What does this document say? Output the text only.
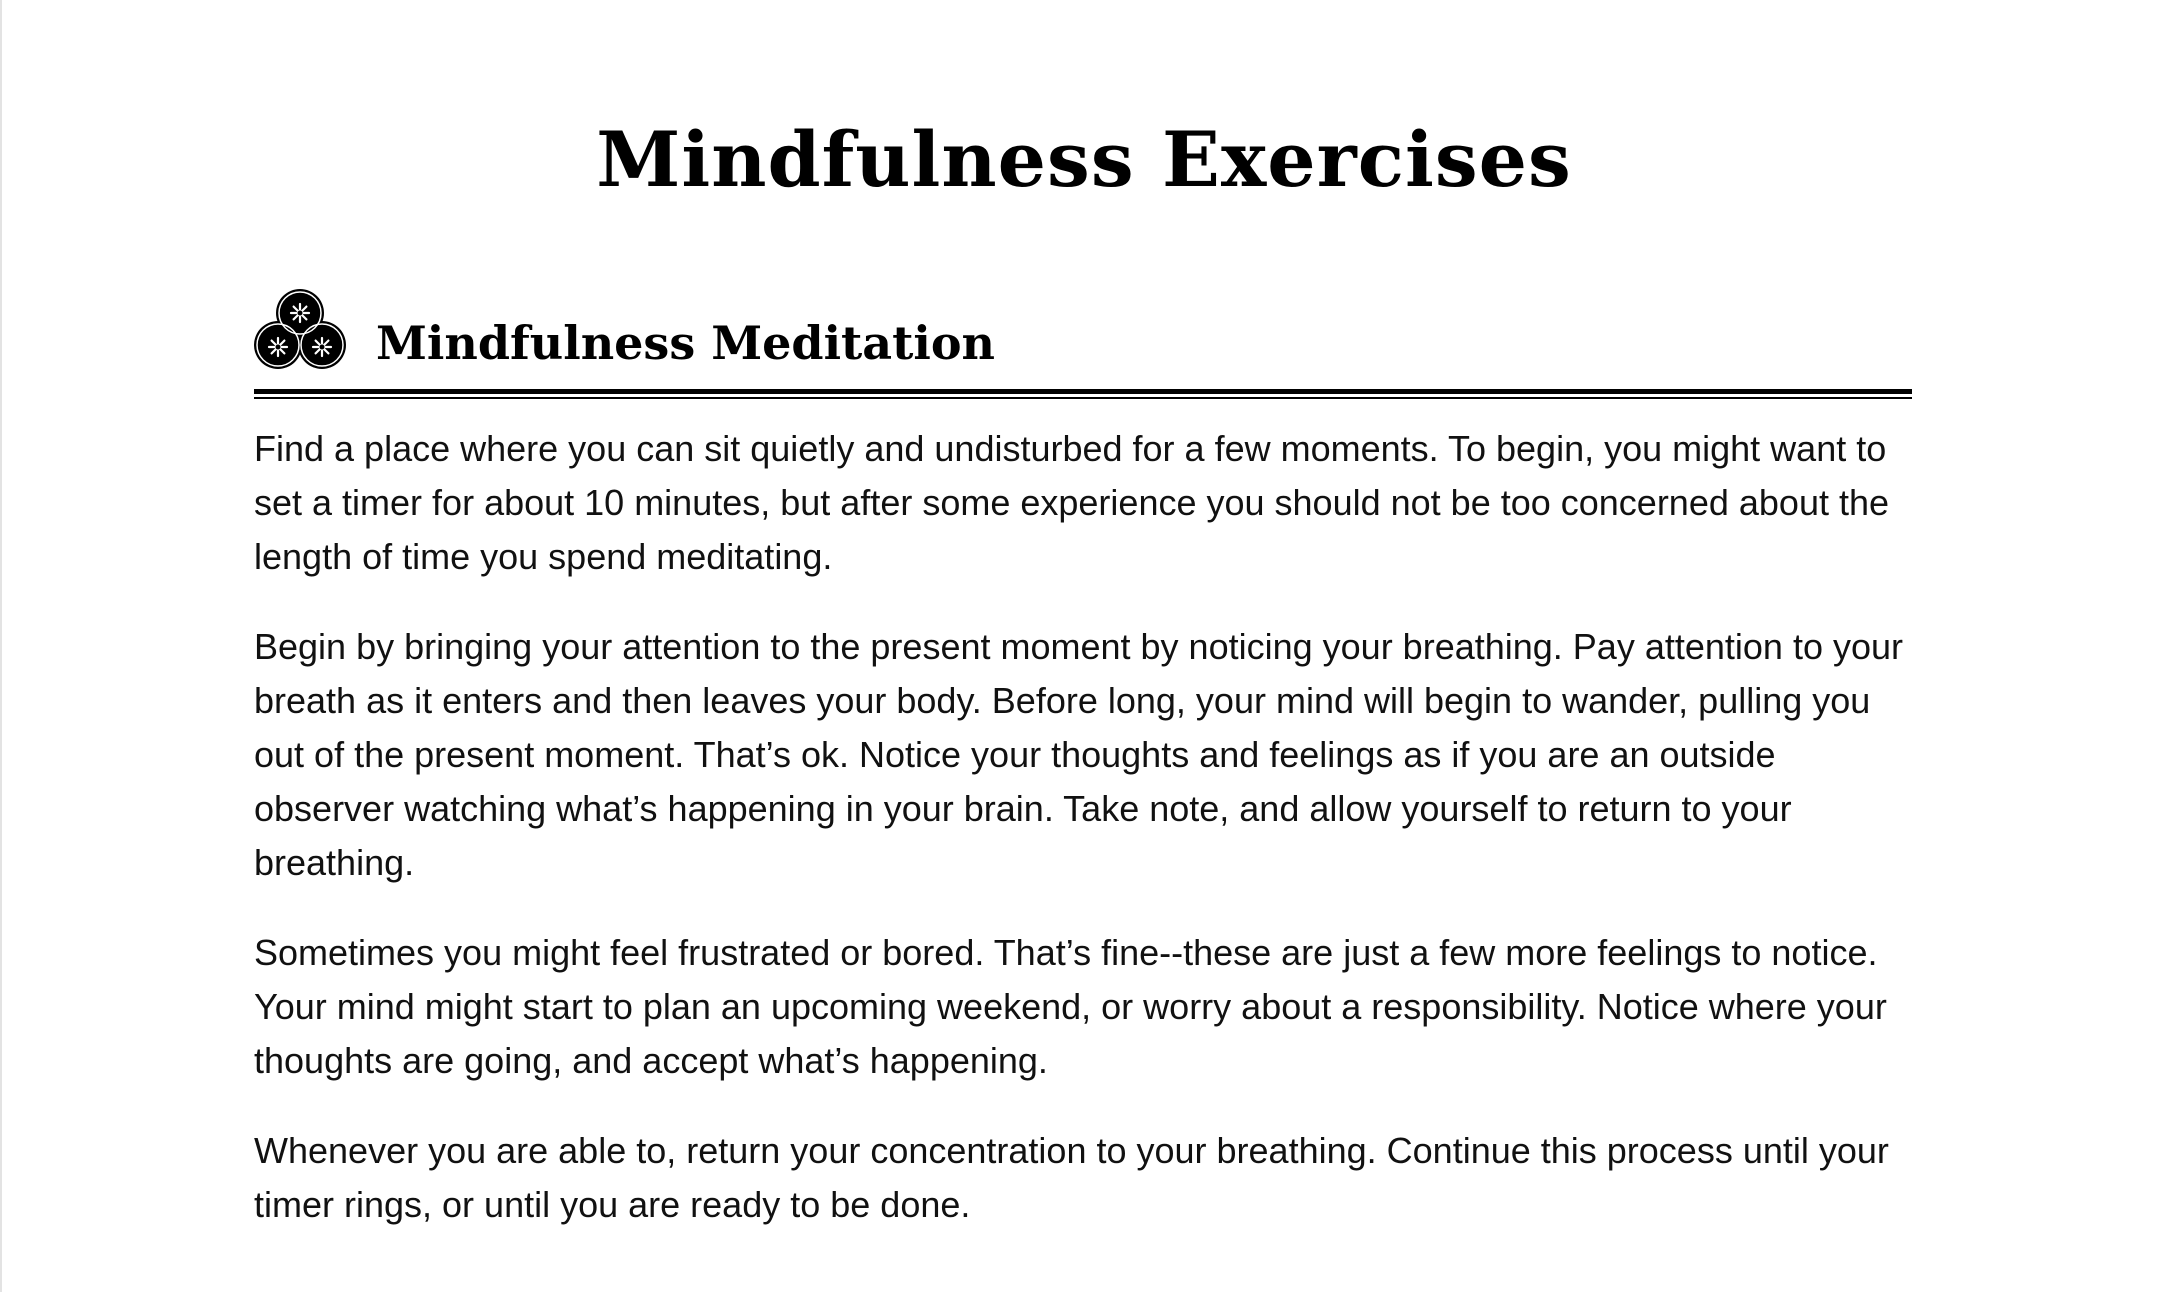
Mindfulness Exercises
Mindfulness Meditation

Find a place where you can sit quietly and undisturbed for a few moments. To begin, you might want to set a timer for about 10 minutes, but after some experience you should not be too concerned about the length of time you spend meditating.

Begin by bringing your attention to the present moment by noticing your breathing. Pay attention to your breath as it enters and then leaves your body. Before long, your mind will begin to wander, pulling you out of the present moment. That’s ok. Notice your thoughts and feelings as if you are an outside observer watching what’s happening in your brain. Take note, and allow yourself to return to your breathing.

Sometimes you might feel frustrated or bored. That’s fine--these are just a few more feelings to notice. Your mind might start to plan an upcoming weekend, or worry about a responsibility. Notice where your thoughts are going, and accept what’s happening.

Whenever you are able to, return your concentration to your breathing. Continue this process until your timer rings, or until you are ready to be done.
